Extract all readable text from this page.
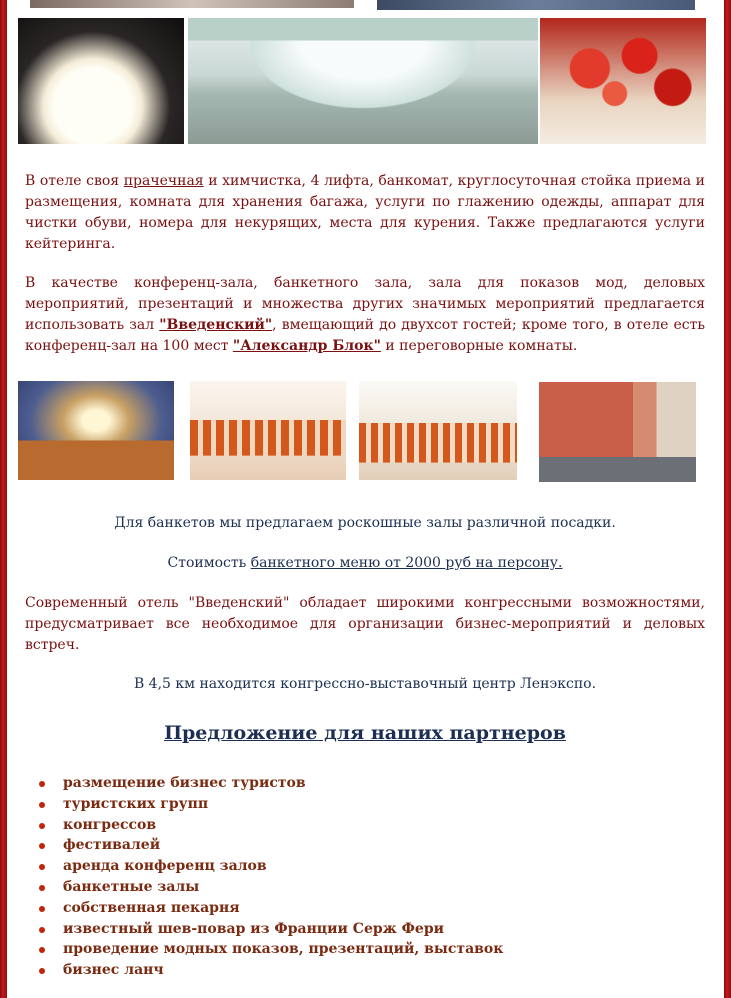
В отеле своя прачечная и химчистка, 4 лифта, банкомат, круглосуточная стойка приема и размещения, комната для хранения багажа, услуги по глажению одежды, аппарат для чистки обуви, номера для некурящих, места для курения. Также предлагаются услуги кейтеринга.

В качестве конференц-зала, банкетного зала, зала для показов мод, деловых мероприятий, презентаций и множества других значимых мероприятий предлагается использовать зал "Введенский", вмещающий до двухсот гостей; кроме того, в отеле есть конференц-зал на 100 мест "Александр Блок" и переговорные комнаты.

Для банкетов мы предлагаем роскошные залы различной посадки.

Стоимость банкетного меню от 2000 руб на персону.

Современный отель "Введенский" обладает широкими конгрессными возможностями, предусматривает все необходимое для организации бизнес-мероприятий и деловых встреч.

В 4,5 км находится конгрессно-выставочный центр Ленэкспо.

Предложение для наших партнеров
размещение бизнес туристов
туристских групп
конгрессов
фестивалей
аренда конференц залов
банкетные залы
собственная пекарня
известный шев-повар из Франции Серж Фери
проведение модных показов, презентаций, выставок
бизнес ланч
